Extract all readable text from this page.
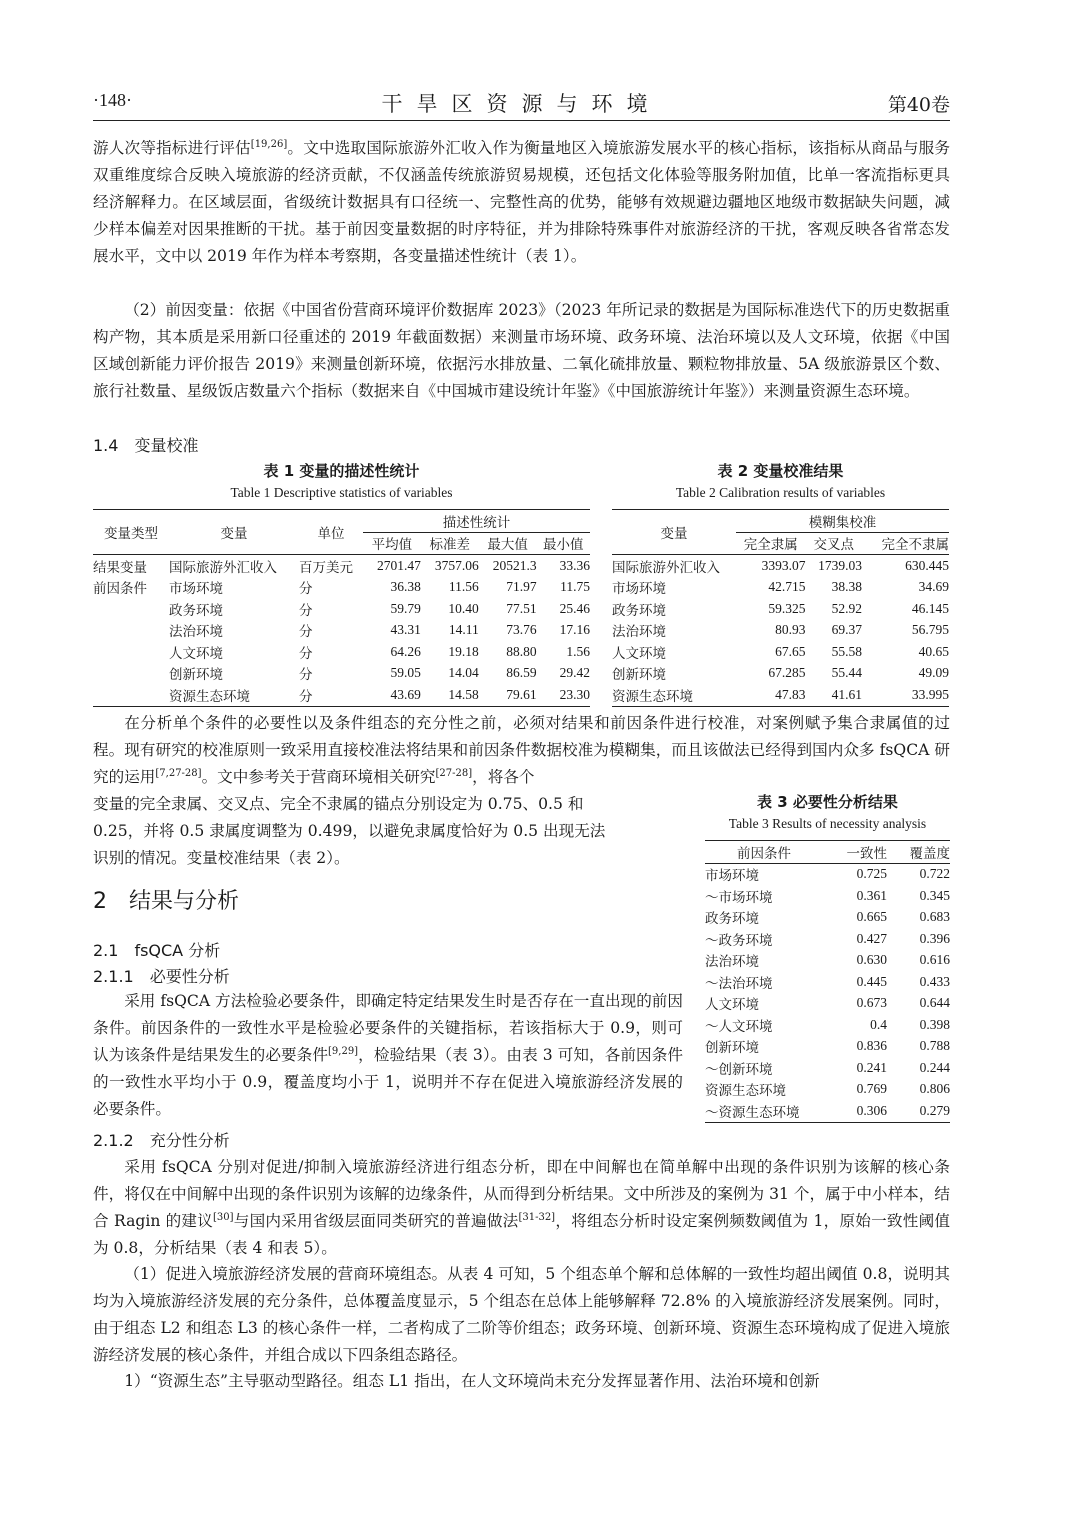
·148·	干旱区资源与环境	第40卷

游人次等指标进行评估[19,26]。文中选取国际旅游外汇收入作为衡量地区入境旅游发展水平的核心指标，该指标从商品与服务双重维度综合反映入境旅游的经济贡献，不仅涵盖传统旅游贸易规模，还包括文化体验等服务附加值，比单一客流指标更具经济解释力。在区域层面，省级统计数据具有口径统一、完整性高的优势，能够有效规避边疆地区地级市数据缺失问题，减少样本偏差对因果推断的干扰。基于前因变量数据的时序特征，并为排除特殊事件对旅游经济的干扰，客观反映各省常态发展水平，文中以 2019 年作为样本考察期，各变量描述性统计（表 1）。

（2）前因变量：依据《中国省份营商环境评价数据库 2023》（2023 年所记录的数据是为国际标准迭代下的历史数据重构产物，其本质是采用新口径重述的 2019 年截面数据）来测量市场环境、政务环境、法治环境以及人文环境，依据《中国区域创新能力评价报告 2019》来测量创新环境，依据污水排放量、二氧化硫排放量、颗粒物排放量、5A 级旅游景区个数、旅行社数量、星级饭店数量六个指标（数据来自《中国城市建设统计年鉴》《中国旅游统计年鉴》）来测量资源生态环境。

1.4　变量校准
表 1 变量的描述性统计
Table 1 Descriptive statistics of variables
变量类型	变量	单位	描述性统计			
			平均值	标准差	最大值	最小值
结果变量	国际旅游外汇收入	百万美元	2701.47	3757.06	20521.3	33.36
前因条件	市场环境	分	36.38	11.56	71.97	11.75
	政务环境	分	59.79	10.40	77.51	25.46
	法治环境	分	43.31	14.11	73.76	17.16
	人文环境	分	64.26	19.18	88.80	1.56
	创新环境	分	59.05	14.04	86.59	29.42
	资源生态环境	分	43.69	14.58	79.61	23.30
表 2 变量校准结果
Table 2 Calibration results of variables
变量	模糊集校准		
	完全隶属	交叉点	完全不隶属
国际旅游外汇收入	3393.07	1739.03	630.445
市场环境	42.715	38.38	34.69
政务环境	59.325	52.92	46.145
法治环境	80.93	69.37	56.795
人文环境	67.65	55.58	40.65
创新环境	67.285	55.44	49.09
资源生态环境	47.83	41.61	33.995

在分析单个条件的必要性以及条件组态的充分性之前，必须对结果和前因条件进行校准，对案例赋予集合隶属值的过程。现有研究的校准原则一致采用直接校准法将结果和前因条件数据校准为模糊集，而且该做法已经得到国内众多 fsQCA 研究的运用[7,27-28]。文中参考关于营商环境相关研究[27-28]，将各个

变量的完全隶属、交叉点、完全不隶属的锚点分别设定为 0.75、0.5 和
0.25，并将 0.5 隶属度调整为 0.499，以避免隶属度恰好为 0.5 出现无法
识别的情况。变量校准结果（表 2）。
表 3 必要性分析结果
Table 3 Results of necessity analysis
前因条件	一致性	覆盖度
市场环境	0.725	0.722
～市场环境	0.361	0.345
政务环境	0.665	0.683
～政务环境	0.427	0.396
法治环境	0.630	0.616
～法治环境	0.445	0.433
人文环境	0.673	0.644
～人文环境	0.4	0.398
创新环境	0.836	0.788
～创新环境	0.241	0.244
资源生态环境	0.769	0.806
～资源生态环境	0.306	0.279
2　结果与分析
2.1　fsQCA 分析
2.1.1　必要性分析

采用 fsQCA 方法检验必要条件，即确定特定结果发生时是否存在一直出现的前因条件。前因条件的一致性水平是检验必要条件的关键指标，若该指标大于 0.9，则可认为该条件是结果发生的必要条件[9,29]，检验结果（表 3）。由表 3 可知，各前因条件的一致性水平均小于 0.9，覆盖度均小于 1，说明并不存在促进入境旅游经济发展的必要条件。

2.1.2　充分性分析

采用 fsQCA 分别对促进/抑制入境旅游经济进行组态分析，即在中间解也在简单解中出现的条件识别为该解的核心条件，将仅在中间解中出现的条件识别为该解的边缘条件，从而得到分析结果。文中所涉及的案例为 31 个，属于中小样本，结合 Ragin 的建议[30]与国内采用省级层面同类研究的普遍做法[31-32]，将组态分析时设定案例频数阈值为 1，原始一致性阈值为 0.8，分析结果（表 4 和表 5）。

（1）促进入境旅游经济发展的营商环境组态。从表 4 可知，5 个组态单个解和总体解的一致性均超出阈值 0.8，说明其均为入境旅游经济发展的充分条件，总体覆盖度显示，5 个组态在总体上能够解释 72.8% 的入境旅游经济发展案例。同时，由于组态 L2 和组态 L3 的核心条件一样，二者构成了二阶等价组态；政务环境、创新环境、资源生态环境构成了促进入境旅游经济发展的核心条件，并组合成以下四条组态路径。

1）“资源生态”主导驱动型路径。组态 L1 指出，在人文环境尚未充分发挥显著作用、法治环境和创新
